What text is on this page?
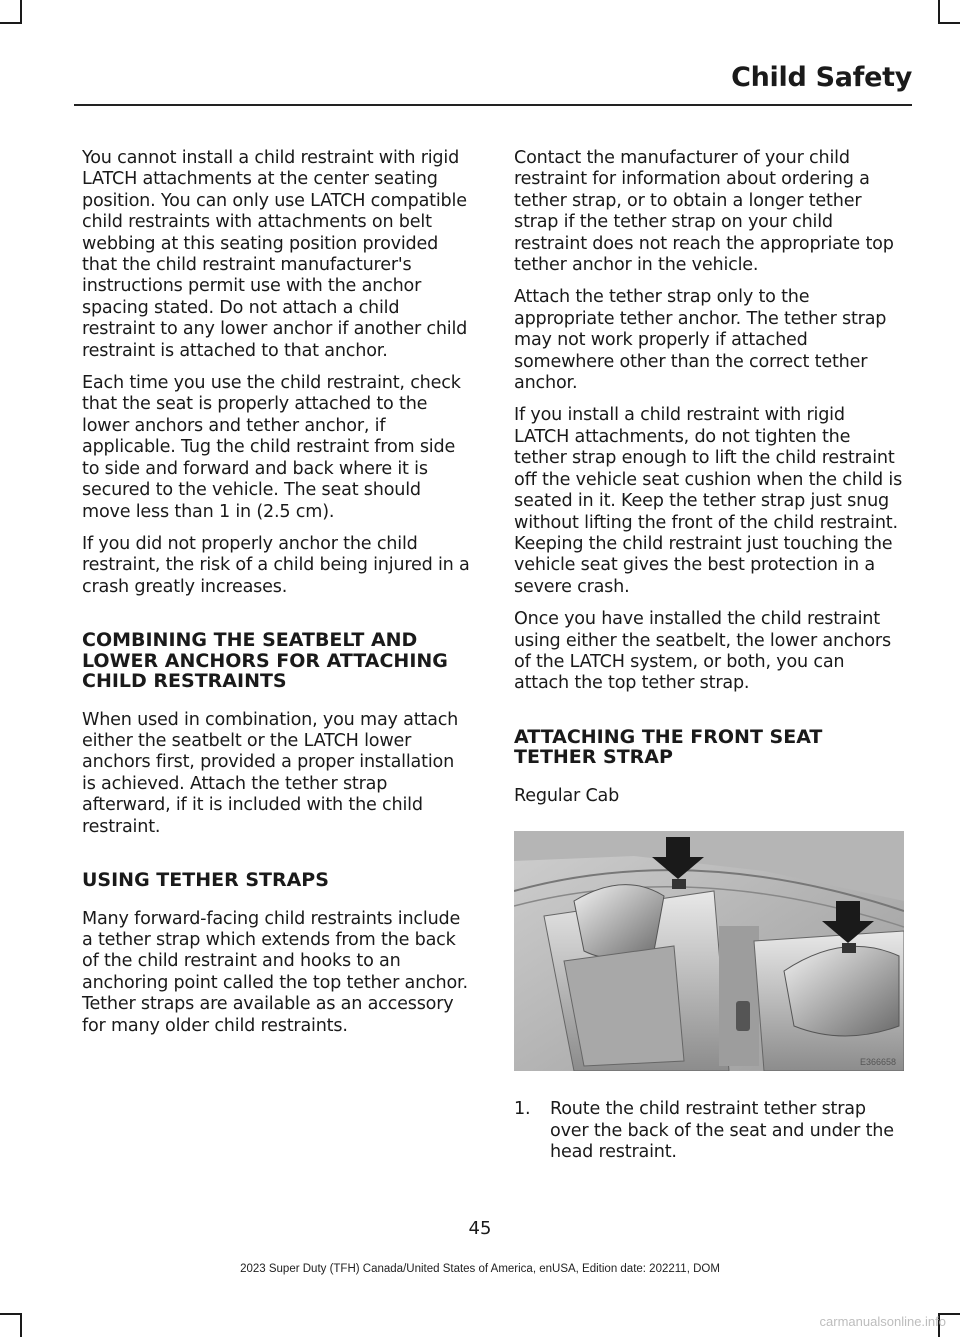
Child Safety

You cannot install a child restraint with rigid LATCH attachments at the center seating position. You can only use LATCH compatible child restraints with attachments on belt webbing at this seating position provided that the child restraint manufacturer's instructions permit use with the anchor spacing stated. Do not attach a child restraint to any lower anchor if another child restraint is attached to that anchor.

Each time you use the child restraint, check that the seat is properly attached to the lower anchors and tether anchor, if applicable. Tug the child restraint from side to side and forward and back where it is secured to the vehicle. The seat should move less than 1 in (2.5 cm).

If you did not properly anchor the child restraint, the risk of a child being injured in a crash greatly increases.

COMBINING THE SEATBELT AND LOWER ANCHORS FOR ATTACHING CHILD RESTRAINTS

When used in combination, you may attach either the seatbelt or the LATCH lower anchors first, provided a proper installation is achieved. Attach the tether strap afterward, if it is included with the child restraint.

USING TETHER STRAPS

Many forward-facing child restraints include a tether strap which extends from the back of the child restraint and hooks to an anchoring point called the top tether anchor. Tether straps are available as an accessory for many older child restraints.

Contact the manufacturer of your child restraint for information about ordering a tether strap, or to obtain a longer tether strap if the tether strap on your child restraint does not reach the appropriate top tether anchor in the vehicle.

Attach the tether strap only to the appropriate tether anchor. The tether strap may not work properly if attached somewhere other than the correct tether anchor.

If you install a child restraint with rigid LATCH attachments, do not tighten the tether strap enough to lift the child restraint off the vehicle seat cushion when the child is seated in it. Keep the tether strap just snug without lifting the front of the child restraint. Keeping the child restraint just touching the vehicle seat gives the best protection in a severe crash.

Once you have installed the child restraint using either the seatbelt, the lower anchors of the LATCH system, or both, you can attach the top tether strap.

ATTACHING THE FRONT SEAT TETHER STRAP

Regular Cab

E366658
1.	Route the child restraint tether strap over the back of the seat and under the head restraint.
45
2023 Super Duty (TFH) Canada/United States of America, enUSA, Edition date: 202211, DOM
carmanualsonline.info
